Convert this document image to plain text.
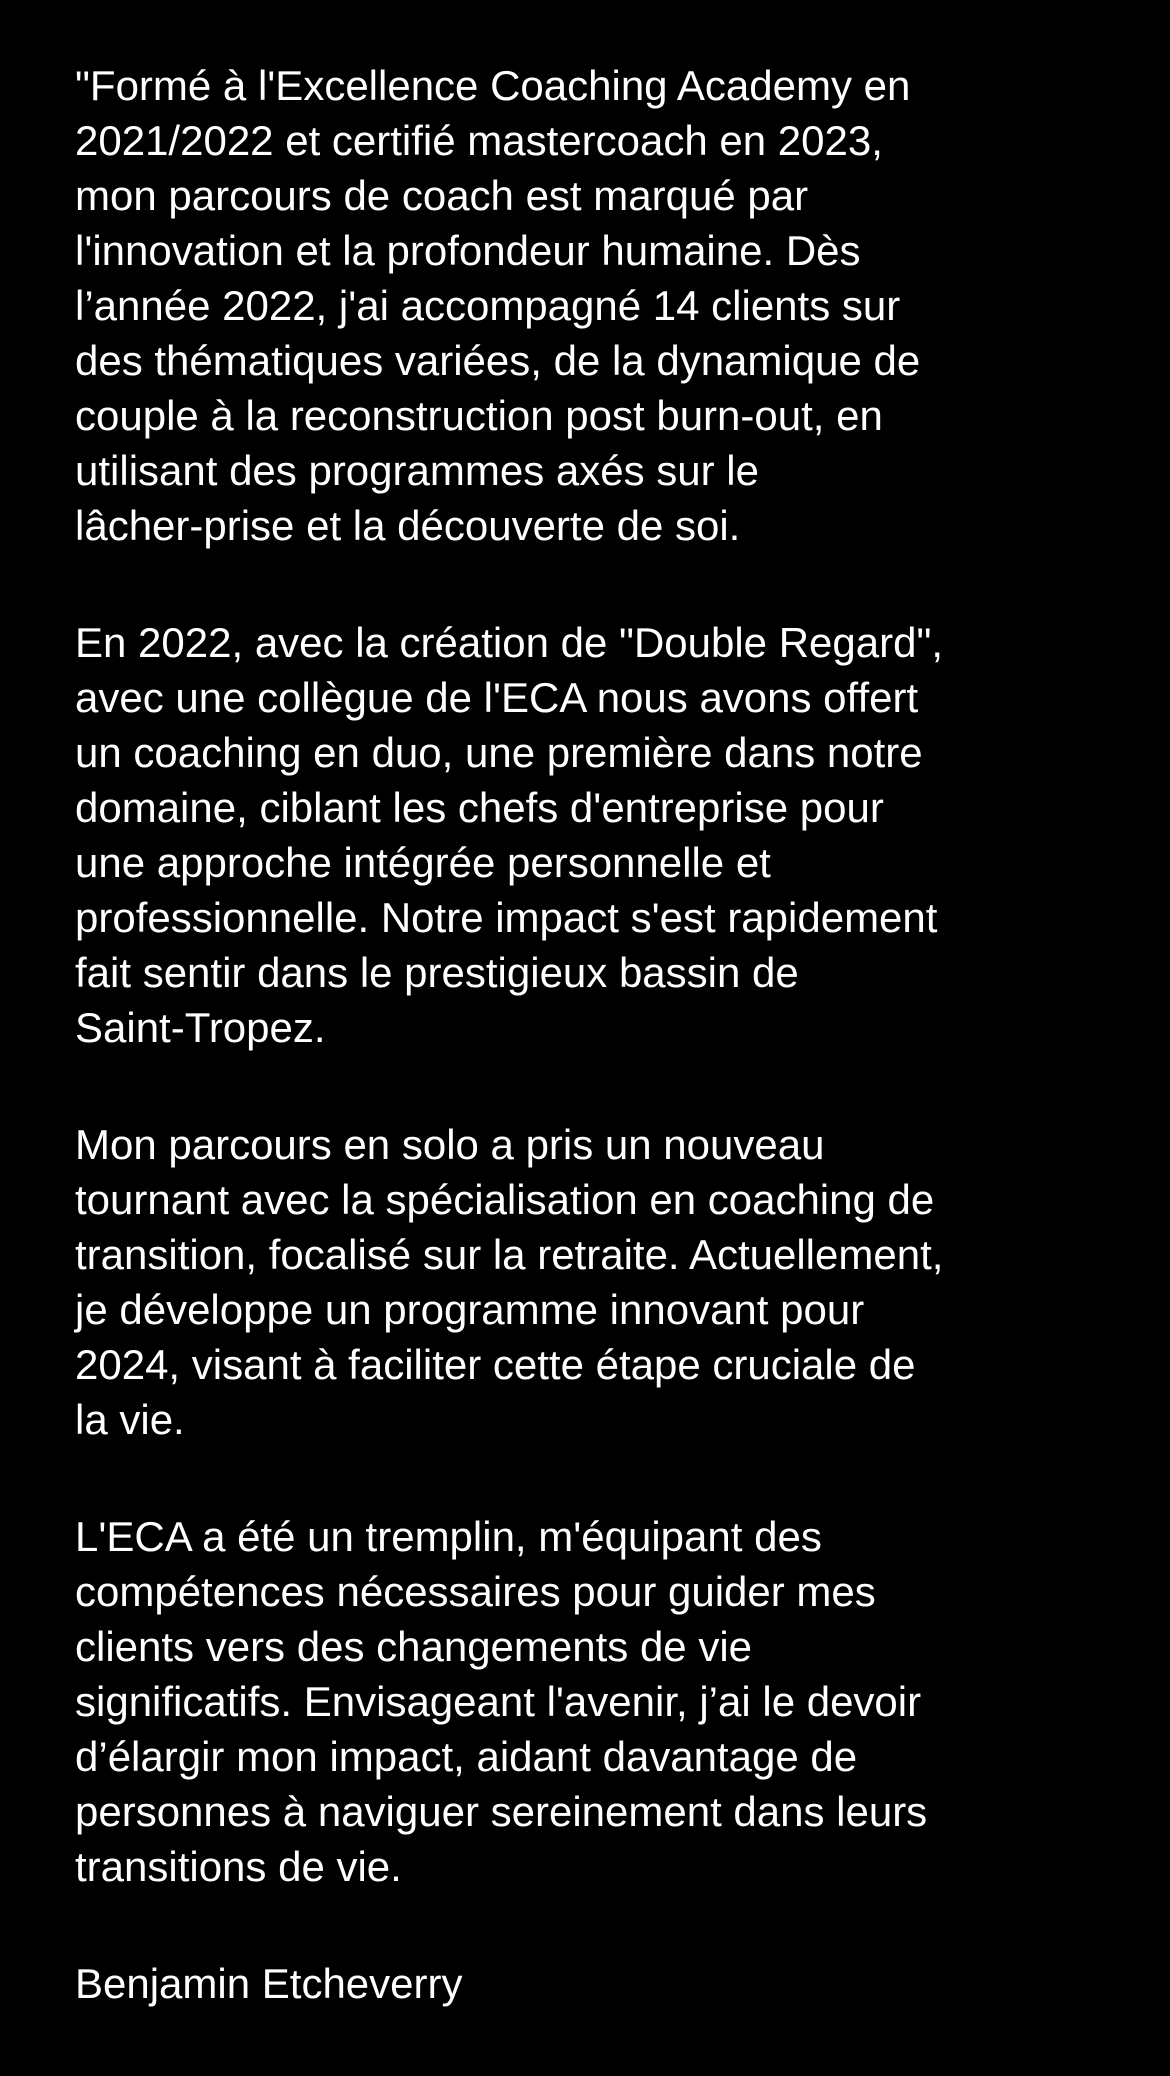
"Formé à l'Excellence Coaching Academy en
2021/2022 et certifié mastercoach en 2023,
mon parcours de coach est marqué par
l'innovation et la profondeur humaine. Dès
l’année 2022, j'ai accompagné 14 clients sur
des thématiques variées, de la dynamique de
couple à la reconstruction post burn-out, en
utilisant des programmes axés sur le
lâcher-prise et la découverte de soi.

En 2022, avec la création de "Double Regard",
avec une collègue de l'ECA nous avons offert
un coaching en duo, une première dans notre
domaine, ciblant les chefs d'entreprise pour
une approche intégrée personnelle et
professionnelle. Notre impact s'est rapidement
fait sentir dans le prestigieux bassin de
Saint-Tropez.

Mon parcours en solo a pris un nouveau
tournant avec la spécialisation en coaching de
transition, focalisé sur la retraite. Actuellement,
je développe un programme innovant pour
2024, visant à faciliter cette étape cruciale de
la vie.

L'ECA a été un tremplin, m'équipant des
compétences nécessaires pour guider mes
clients vers des changements de vie
significatifs. Envisageant l'avenir, j’ai le devoir
d’élargir mon impact, aidant davantage de
personnes à naviguer sereinement dans leurs
transitions de vie.

Benjamin Etcheverry
